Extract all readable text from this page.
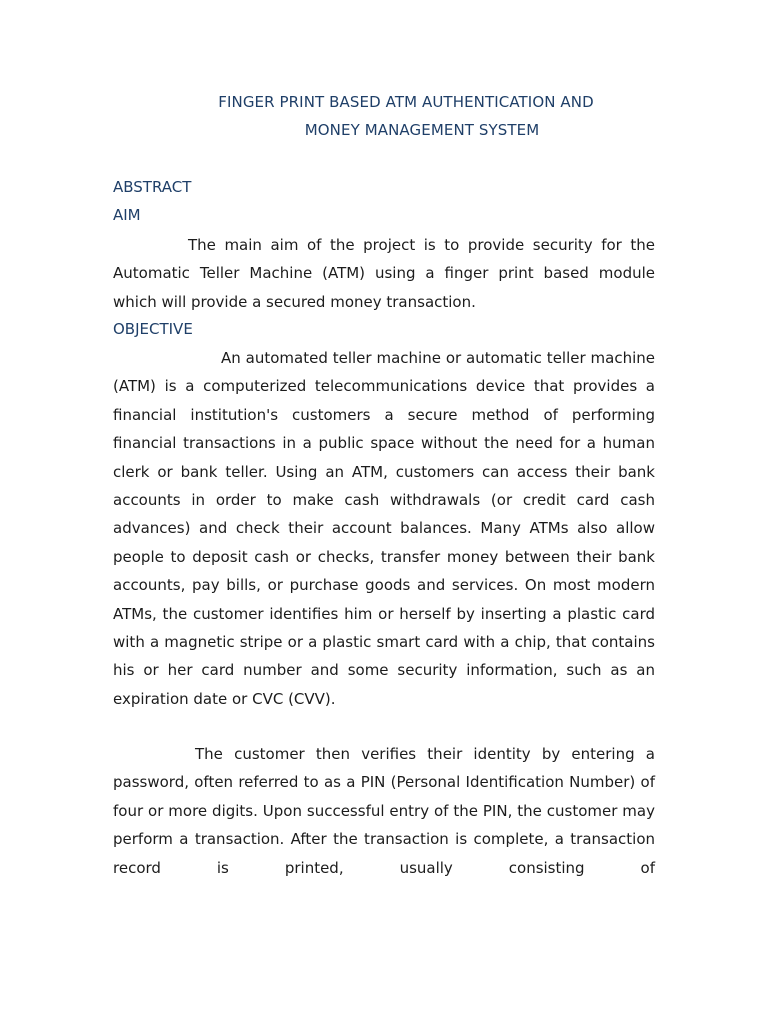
FINGER PRINT BASED ATM AUTHENTICATION AND
MONEY MANAGEMENT SYSTEM
ABSTRACT
AIM
The main aim of the project is to provide security for the Automatic Teller Machine (ATM) using a finger print based module which will provide a secured money transaction.
OBJECTIVE
An automated teller machine or automatic teller machine (ATM) is a computerized telecommunications device that provides a financial institution's customers a secure method of performing financial transactions in a public space without the need for a human clerk or bank teller. Using an ATM, customers can access their bank accounts in order to make cash withdrawals (or credit card cash advances) and check their account balances. Many ATMs also allow people to deposit cash or checks, transfer money between their bank accounts, pay bills, or purchase goods and services. On most modern ATMs, the customer identifies him or herself by inserting a plastic card with a magnetic stripe or a plastic smart card with a chip, that contains his or her card number and some security information, such as an expiration date or CVC (CVV).
The customer then verifies their identity by entering a password, often referred to as a PIN (Personal Identification Number) of four or more digits. Upon successful entry of the PIN, the customer may perform a transaction. After the transaction is complete, a transaction record is printed, usually consisting of
